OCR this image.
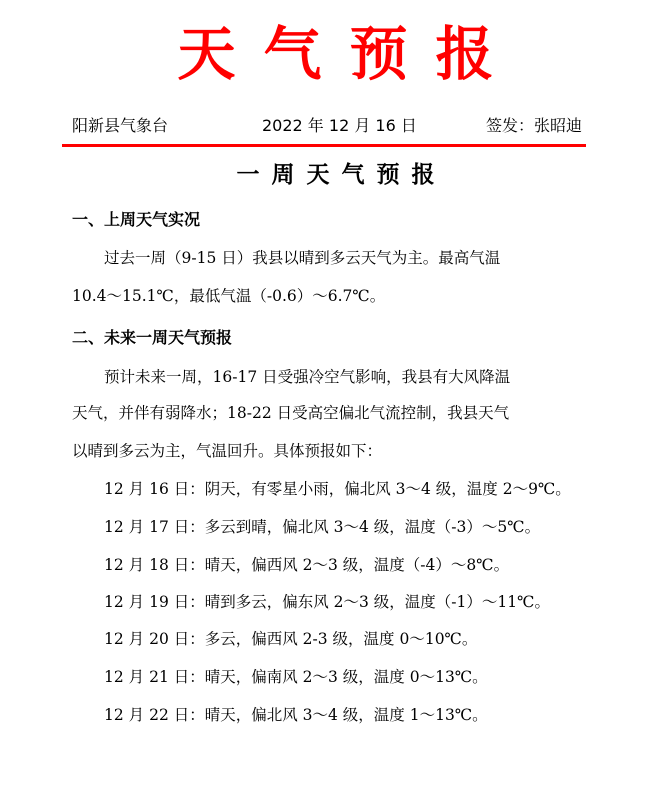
天气预报
阳新县气象台	2022 年 12 月 16 日	签发：张昭迪
一周天气预报
一、上周天气实况
过去一周（9-15 日）我县以晴到多云天气为主。最高气温
10.4～15.1℃，最低气温（-0.6）～6.7℃。
二、未来一周天气预报
预计未来一周，16-17 日受强冷空气影响，我县有大风降温
天气，并伴有弱降水；18-22 日受高空偏北气流控制，我县天气
以晴到多云为主，气温回升。具体预报如下：
12 月 16 日：阴天，有零星小雨，偏北风 3～4 级，温度 2～9℃。
12 月 17 日：多云到晴，偏北风 3～4 级，温度（-3）～5℃。
12 月 18 日：晴天，偏西风 2～3 级，温度（-4）～8℃。
12 月 19 日：晴到多云，偏东风 2～3 级，温度（-1）～11℃。
12 月 20 日：多云，偏西风 2-3 级，温度 0～10℃。
12 月 21 日：晴天，偏南风 2～3 级，温度 0～13℃。
12 月 22 日：晴天，偏北风 3～4 级，温度 1～13℃。
